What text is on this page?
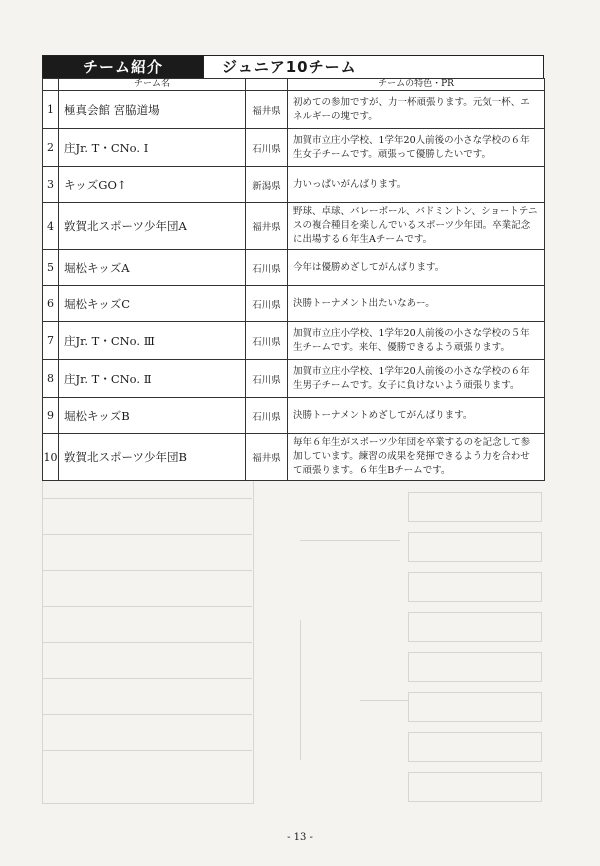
チーム紹介	ジュニア10チーム
	チーム名		チームの特色・PR
1	極真会館 宮脇道場	福井県	初めての参加ですが、力一杯頑張ります。元気一杯、エネルギーの塊です。
2	庄Jr. T・CNo. Ⅰ	石川県	加賀市立庄小学校、1学年20人前後の小さな学校の６年生女子チームです。頑張って優勝したいです。
3	キッズGO↑	新潟県	力いっぱいがんばります。
4	敦賀北スポーツ少年団A	福井県	野球、卓球、バレーボール、バドミントン、ショートテニスの複合種目を楽しんでいるスポーツ少年団。卒業記念に出場する６年生Aチームです。
5	堀松キッズA	石川県	今年は優勝めざしてがんばります。
6	堀松キッズC	石川県	決勝トーナメント出たいなあー。
7	庄Jr. T・CNo. Ⅲ	石川県	加賀市立庄小学校、1学年20人前後の小さな学校の５年生チームです。来年、優勝できるよう頑張ります。
8	庄Jr. T・CNo. Ⅱ	石川県	加賀市立庄小学校、1学年20人前後の小さな学校の６年生男子チームです。女子に負けないよう頑張ります。
9	堀松キッズB	石川県	決勝トーナメントめざしてがんばります。
10	敦賀北スポーツ少年団B	福井県	毎年６年生がスポーツ少年団を卒業するのを記念して参加しています。練習の成果を発揮できるよう力を合わせて頑張ります。６年生Bチームです。
- 13 -
